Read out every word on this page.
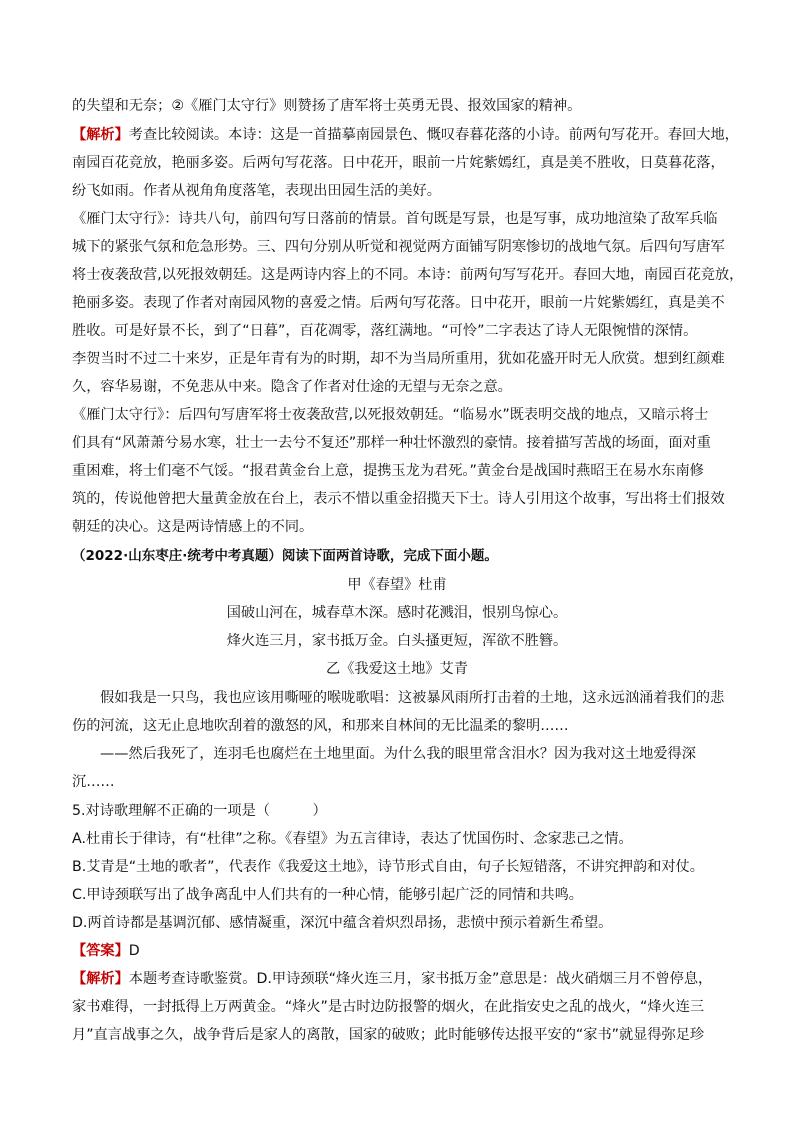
的失望和无奈；②《雁门太守行》则赞扬了唐军将士英勇无畏、报效国家的精神。
【解析】考查比较阅读。本诗：这是一首描摹南园景色、慨叹春暮花落的小诗。前两句写花开。春回大地，
南园百花竞放，艳丽多姿。后两句写花落。日中花开，眼前一片姹紫嫣红，真是美不胜收，日莫暮花落，
纷飞如雨。作者从视角角度落笔，表现出田园生活的美好。
《雁门太守行》：诗共八句，前四句写日落前的情景。首句既是写景，也是写事，成功地渲染了敌军兵临
城下的紧张气氛和危急形势。三、四句分别从听觉和视觉两方面铺写阴寒惨切的战地气氛。后四句写唐军
将士夜袭敌营,以死报效朝廷。这是两诗内容上的不同。本诗：前两句写写花开。春回大地，南园百花竞放，
艳丽多姿。表现了作者对南园风物的喜爱之情。后两句写花落。日中花开，眼前一片姹紫嫣红，真是美不
胜收。可是好景不长，到了“日暮”，百花凋零，落红满地。“可怜”二字表达了诗人无限惋惜的深情。
李贺当时不过二十来岁，正是年青有为的时期，却不为当局所重用，犹如花盛开时无人欣赏。想到红颜难
久，容华易谢，不免悲从中来。隐含了作者对仕途的无望与无奈之意。
《雁门太守行》：后四句写唐军将士夜袭敌营,以死报效朝廷。“临易水”既表明交战的地点，又暗示将士
们具有“风萧萧兮易水寒，壮士一去兮不复还”那样一种壮怀激烈的豪情。接着描写苦战的场面，面对重
重困难，将士们毫不气馁。“报君黄金台上意，提携玉龙为君死。”黄金台是战国时燕昭王在易水东南修
筑的，传说他曾把大量黄金放在台上，表示不惜以重金招揽天下士。诗人引用这个故事，写出将士们报效
朝廷的决心。这是两诗情感上的不同。
（2022·山东枣庄·统考中考真题）阅读下面两首诗歌，完成下面小题。
甲《春望》杜甫
国破山河在，城春草木深。感时花溅泪，恨别鸟惊心。
烽火连三月，家书抵万金。白头搔更短，浑欲不胜簪。
乙《我爱这土地》艾青
假如我是一只鸟，我也应该用嘶哑的喉咙歌唱：这被暴风雨所打击着的土地，这永远汹涌着我们的悲
伤的河流，这无止息地吹刮着的激怒的风，和那来自林间的无比温柔的黎明……
——然后我死了，连羽毛也腐烂在土地里面。为什么我的眼里常含泪水？因为我对这土地爱得深
沉……
5.对诗歌理解不正确的一项是（　　　）
A.杜甫长于律诗，有“杜律”之称。《春望》为五言律诗，表达了忧国伤时、念家悲己之情。
B.艾青是“土地的歌者”，代表作《我爱这土地》，诗节形式自由，句子长短错落，不讲究押韵和对仗。
C.甲诗颈联写出了战争离乱中人们共有的一种心情，能够引起广泛的同情和共鸣。
D.两首诗都是基调沉郁、感情凝重，深沉中蕴含着炽烈昂扬，悲愤中预示着新生希望。
【答案】D
【解析】本题考查诗歌鉴赏。D.甲诗颈联“烽火连三月，家书抵万金”意思是：战火硝烟三月不曾停息，
家书难得，一封抵得上万两黄金。“烽火”是古时边防报警的烟火，在此指安史之乱的战火，“烽火连三
月”直言战事之久，战争背后是家人的离散，国家的破败；此时能够传达报平安的“家书”就显得弥足珍
